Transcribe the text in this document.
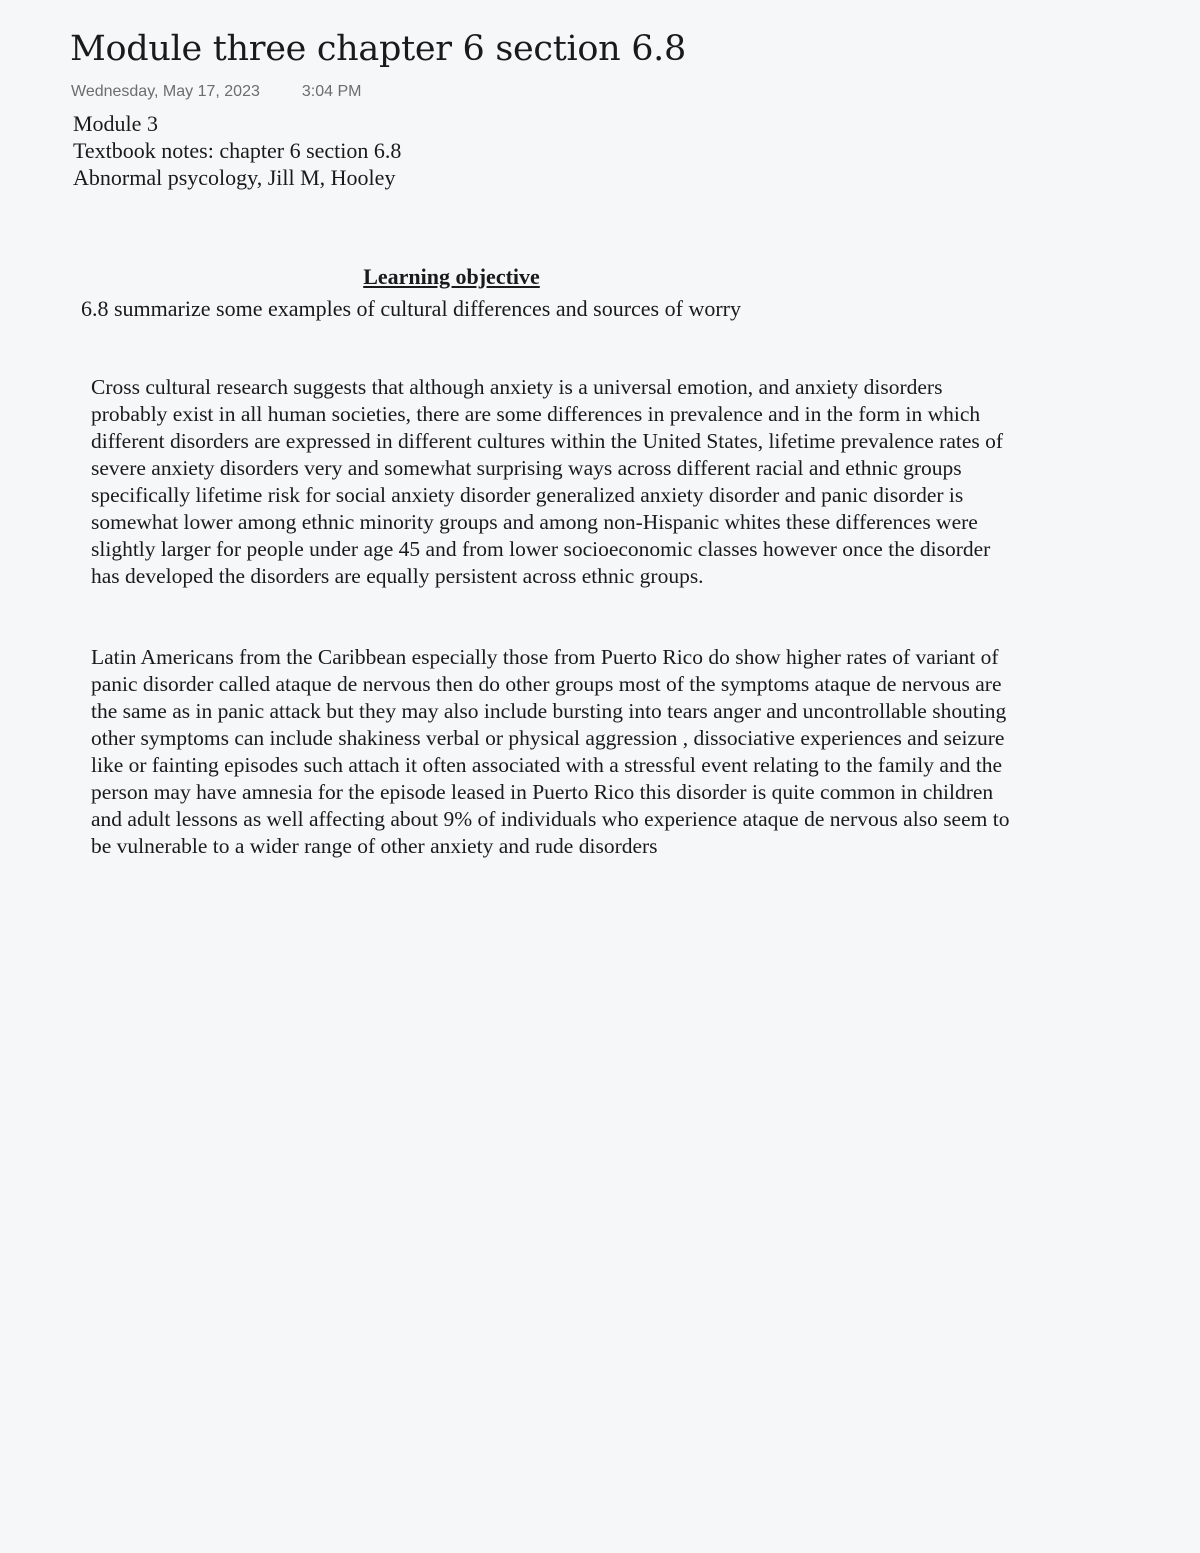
Module three chapter 6 section 6.8
Wednesday, May 17, 2023	3:04 PM
Module 3
Textbook notes: chapter 6 section 6.8
Abnormal psycology, Jill M, Hooley
Learning objective
6.8 summarize some examples of cultural differences and sources of worry

Cross cultural research suggests that although anxiety is a universal emotion, and anxiety disorders probably exist in all human societies, there are some differences in prevalence and in the form in which different disorders are expressed in different cultures within the United States, lifetime prevalence rates of severe anxiety disorders very and somewhat surprising ways across different racial and ethnic groups specifically lifetime risk for social anxiety disorder generalized anxiety disorder and panic disorder is somewhat lower among ethnic minority groups and among non-Hispanic whites these differences were slightly larger for people under age 45 and from lower socioeconomic classes however once the disorder has developed the disorders are equally persistent across ethnic groups.

Latin Americans from the Caribbean especially those from Puerto Rico do show higher rates of variant of panic disorder called ataque de nervous then do other groups most of the symptoms ataque de nervous are the same as in panic attack but they may also include bursting into tears anger and uncontrollable shouting other symptoms can include shakiness verbal or physical aggression , dissociative experiences and seizure like or fainting episodes such attach it often associated with a stressful event relating to the family and the person may have amnesia for the episode leased in Puerto Rico this disorder is quite common in children and adult lessons as well affecting about 9% of individuals who experience ataque de nervous also seem to be vulnerable to a wider range of other anxiety and rude disorders
